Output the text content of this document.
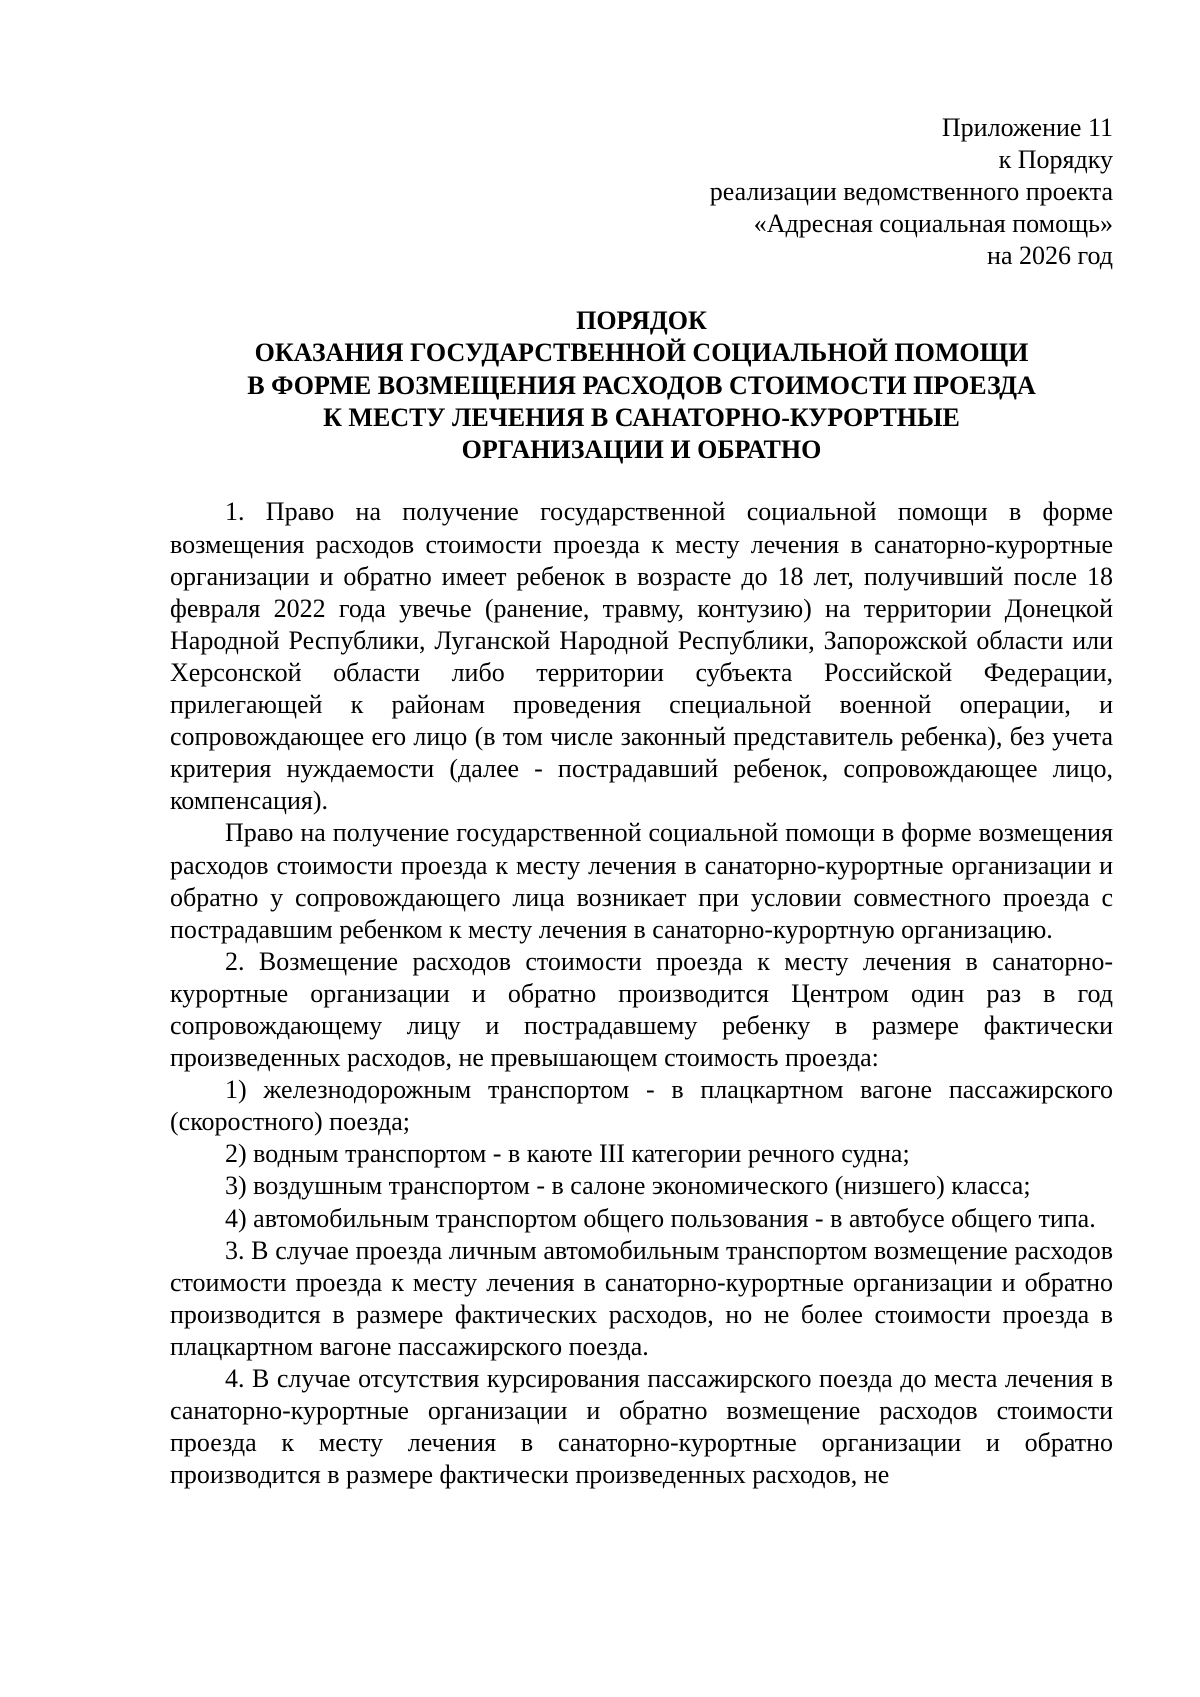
Приложение 11
к Порядку
реализации ведомственного проекта
«Адресная социальная помощь»
на 2026 год
ПОРЯДОК
ОКАЗАНИЯ ГОСУДАРСТВЕННОЙ СОЦИАЛЬНОЙ ПОМОЩИ
В ФОРМЕ ВОЗМЕЩЕНИЯ РАСХОДОВ СТОИМОСТИ ПРОЕЗДА
К МЕСТУ ЛЕЧЕНИЯ В САНАТОРНО-КУРОРТНЫЕ
ОРГАНИЗАЦИИ И ОБРАТНО

1. Право на получение государственной социальной помощи в форме возмещения расходов стоимости проезда к месту лечения в санаторно-курортные организации и обратно имеет ребенок в возрасте до 18 лет, получивший после 18 февраля 2022 года увечье (ранение, травму, контузию) на территории Донецкой Народной Республики, Луганской Народной Республики, Запорожской области или Херсонской области либо территории субъекта Российской Федерации, прилегающей к районам проведения специальной военной операции, и сопровождающее его лицо (в том числе законный представитель ребенка), без учета критерия нуждаемости (далее - пострадавший ребенок, сопровождающее лицо, компенсация).

Право на получение государственной социальной помощи в форме возмещения расходов стоимости проезда к месту лечения в санаторно-курортные организации и обратно у сопровождающего лица возникает при условии совместного проезда с пострадавшим ребенком к месту лечения в санаторно-курортную организацию.

2. Возмещение расходов стоимости проезда к месту лечения в санаторно-курортные организации и обратно производится Центром один раз в год сопровождающему лицу и пострадавшему ребенку в размере фактически произведенных расходов, не превышающем стоимость проезда:

1) железнодорожным транспортом - в плацкартном вагоне пассажирского (скоростного) поезда;

2) водным транспортом - в каюте III категории речного судна;

3) воздушным транспортом - в салоне экономического (низшего) класса;

4) автомобильным транспортом общего пользования - в автобусе общего типа.

3. В случае проезда личным автомобильным транспортом возмещение расходов стоимости проезда к месту лечения в санаторно-курортные организации и обратно производится в размере фактических расходов, но не более стоимости проезда в плацкартном вагоне пассажирского поезда.

4. В случае отсутствия курсирования пассажирского поезда до места лечения в санаторно-курортные организации и обратно возмещение расходов стоимости проезда к месту лечения в санаторно-курортные организации и обратно производится в размере фактически произведенных расходов, не
